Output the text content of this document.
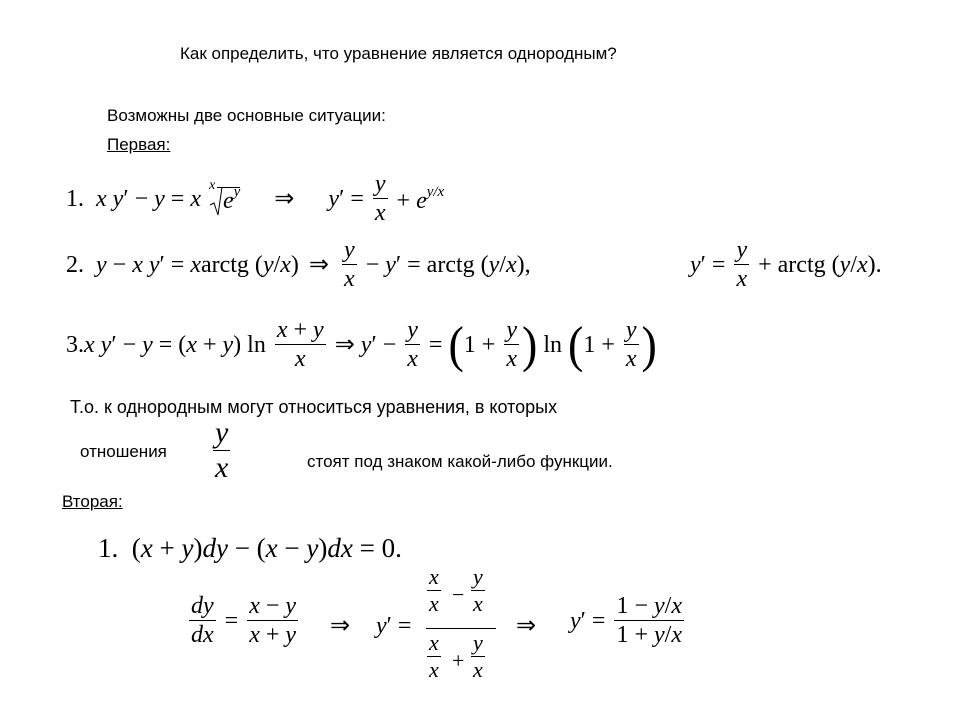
Как определить, что уравнение является однородным?
Возможны две основные ситуации:
Первая:
1.  x y′ − y = x
x
$e^y$ ⇒ $y' = \frac{y}{x} + e^{y/x}$
2.  y − x y′ = xarctg (y/x) ⇒ $\frac{y}{x} - y'$ = arctg (y/x),	$y' = \frac{y}{x}$ + arctg (y/x).
3.x y′ − y = (x + y) $\ln \frac{x + y}{x}$ ⇒ $y' - \frac{y}{x} = (1 + \frac{y}{x}$ ) $\ln (1 + \frac{y}{x}$ )
Т.о. к однородным могут относиться уравнения, в которых
отношения $\frac{y}{x}$	стоят под знаком какой-либо функции.
Вторая:
1.  (x + y)dy − (x − y)dx = 0.
$\frac{dy}{dx} = \frac{x - y}{x + y}$ ⇒ y′ =
$\frac{x}{x} - \frac{y}{x}$
$\frac{x}{x} + \frac{y}{x}$
⇒ $y' = \frac{1 - y/x}{1 + y/x}$
